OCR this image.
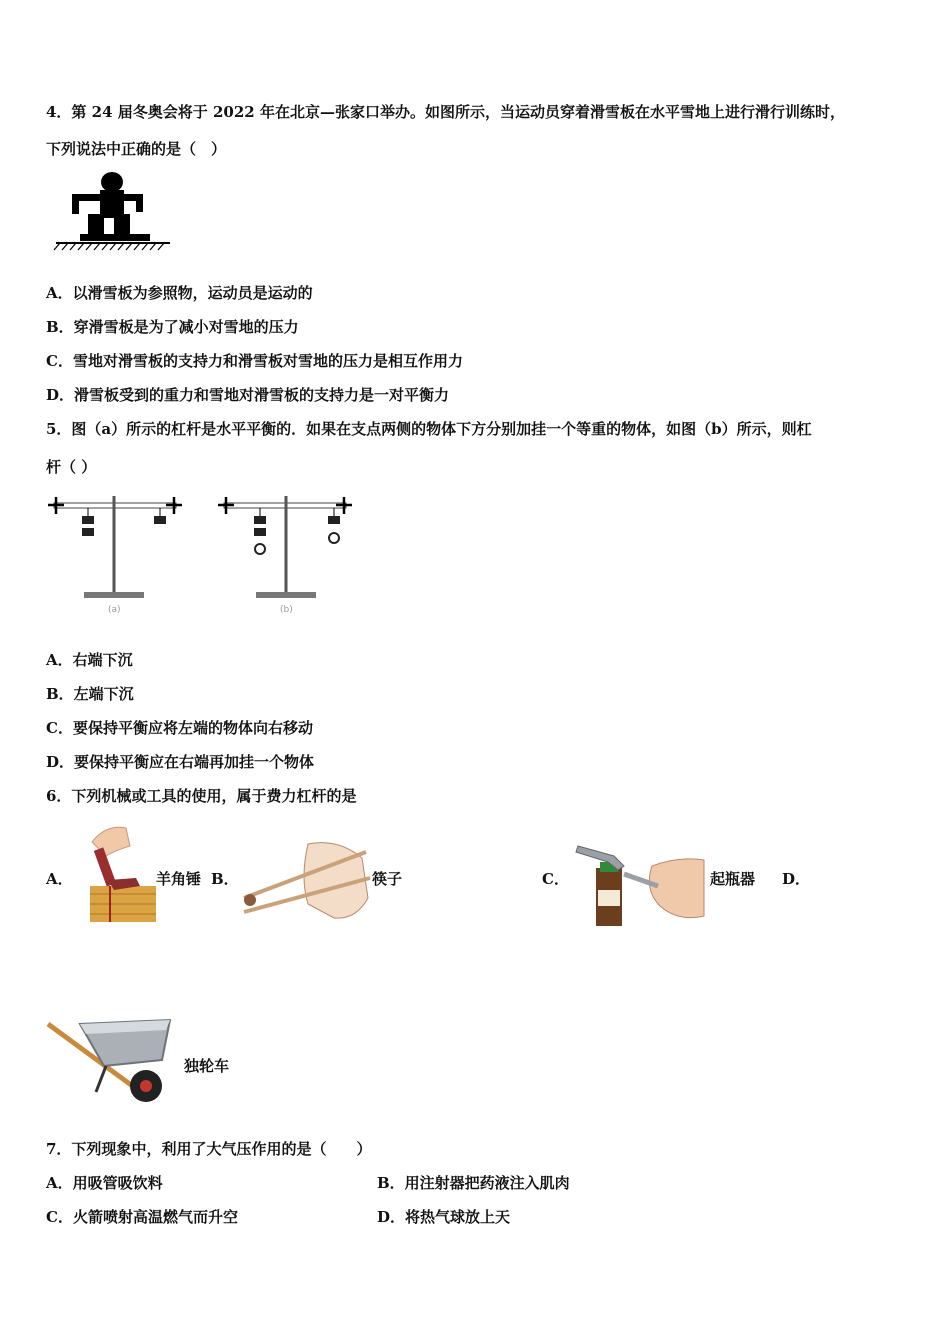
4．第 24 届冬奥会将于 2022 年在北京—张家口举办。如图所示，当运动员穿着滑雪板在水平雪地上进行滑行训练时，
下列说法中正确的是（　）
A．以滑雪板为参照物，运动员是运动的
B．穿滑雪板是为了减小对雪地的压力
C．雪地对滑雪板的支持力和滑雪板对雪地的压力是相互作用力
D．滑雪板受到的重力和雪地对滑雪板的支持力是一对平衡力
5．图（a）所示的杠杆是水平平衡的．如果在支点两侧的物体下方分别加挂一个等重的物体，如图（b）所示，则杠
杆（ ）
(a)	(b)
A．右端下沉
B．左端下沉
C．要保持平衡应将左端的物体向右移动
D．要保持平衡应在右端再加挂一个物体
6．下列机械或工具的使用，属于费力杠杆的是
A．	羊角锤 B．	筷子	C．	起瓶器 D．
独轮车
7．下列现象中，利用了大气压作用的是（　　）
A．用吸管吸饮料	B．用注射器把药液注入肌肉
C．火箭喷射高温燃气而升空	D．将热气球放上天
